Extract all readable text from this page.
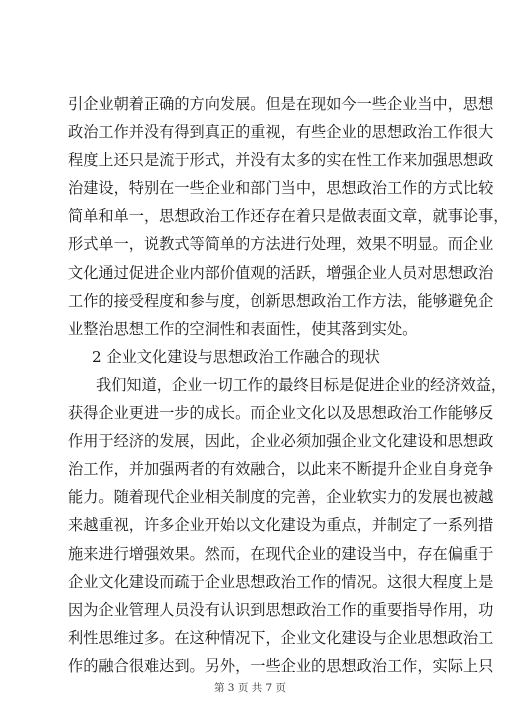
引企业朝着正确的方向发展。但是在现如今一些企业当中，思想
政治工作并没有得到真正的重视，有些企业的思想政治工作很大
程度上还只是流于形式，并没有太多的实在性工作来加强思想政
治建设，特别在一些企业和部门当中，思想政治工作的方式比较
简单和单一，思想政治工作还存在着只是做表面文章，就事论事，
形式单一，说教式等简单的方法进行处理，效果不明显。而企业
文化通过促进企业内部价值观的活跃，增强企业人员对思想政治
工作的接受程度和参与度，创新思想政治工作方法，能够避免企
业整治思想工作的空洞性和表面性，使其落到实处。
2 企业文化建设与思想政治工作融合的现状
我们知道，企业一切工作的最终目标是促进企业的经济效益，
获得企业更进一步的成长。而企业文化以及思想政治工作能够反
作用于经济的发展，因此，企业必须加强企业文化建设和思想政
治工作，并加强两者的有效融合，以此来不断提升企业自身竞争
能力。随着现代企业相关制度的完善，企业软实力的发展也被越
来越重视，许多企业开始以文化建设为重点，并制定了一系列措
施来进行增强效果。然而，在现代企业的建设当中，存在偏重于
企业文化建设而疏于企业思想政治工作的情况。这很大程度上是
因为企业管理人员没有认识到思想政治工作的重要指导作用，功
利性思维过多。在这种情况下，企业文化建设与企业思想政治工
作的融合很难达到。另外，一些企业的思想政治工作，实际上只
第 3 页 共 7 页
